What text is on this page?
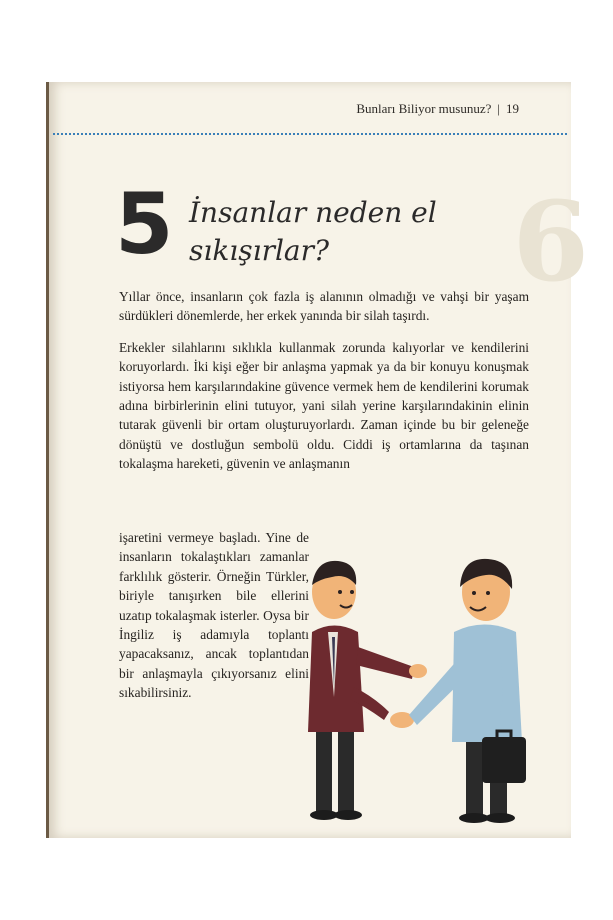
6
Bunları Biliyor musunuz? | 19
5 İnsanlar neden el
sıkışırlar?

Yıllar önce, insanların çok fazla iş alanının olmadığı ve vahşi bir yaşam sürdükleri dönemlerde, her erkek yanında bir silah taşırdı.

Erkekler silahlarını sıklıkla kullanmak zorunda kalıyorlar ve kendilerini koruyorlardı. İki kişi eğer bir anlaşma yapmak ya da bir konuyu konuşmak istiyorsa hem karşılarındakine güvence vermek hem de kendilerini korumak adına birbirlerinin elini tutuyor, yani silah yerine karşılarındakinin elinin tutarak güvenli bir ortam oluşturuyorlardı. Zaman içinde bu bir geleneğe dönüştü ve dostluğun sembolü oldu. Ciddi iş ortamlarına da taşınan tokalaşma hareketi, güvenin ve anlaşmanın

işaretini vermeye başladı. Yine de insanların tokalaştıkları zamanlar farklılık gösterir. Örneğin Türkler, biriyle tanışırken bile ellerini uzatıp tokalaşmak isterler. Oysa bir İngiliz iş adamıyla toplantı yapacaksanız, ancak toplantıdan bir anlaşmayla çıkıyorsanız elini sıkabilirsiniz.
